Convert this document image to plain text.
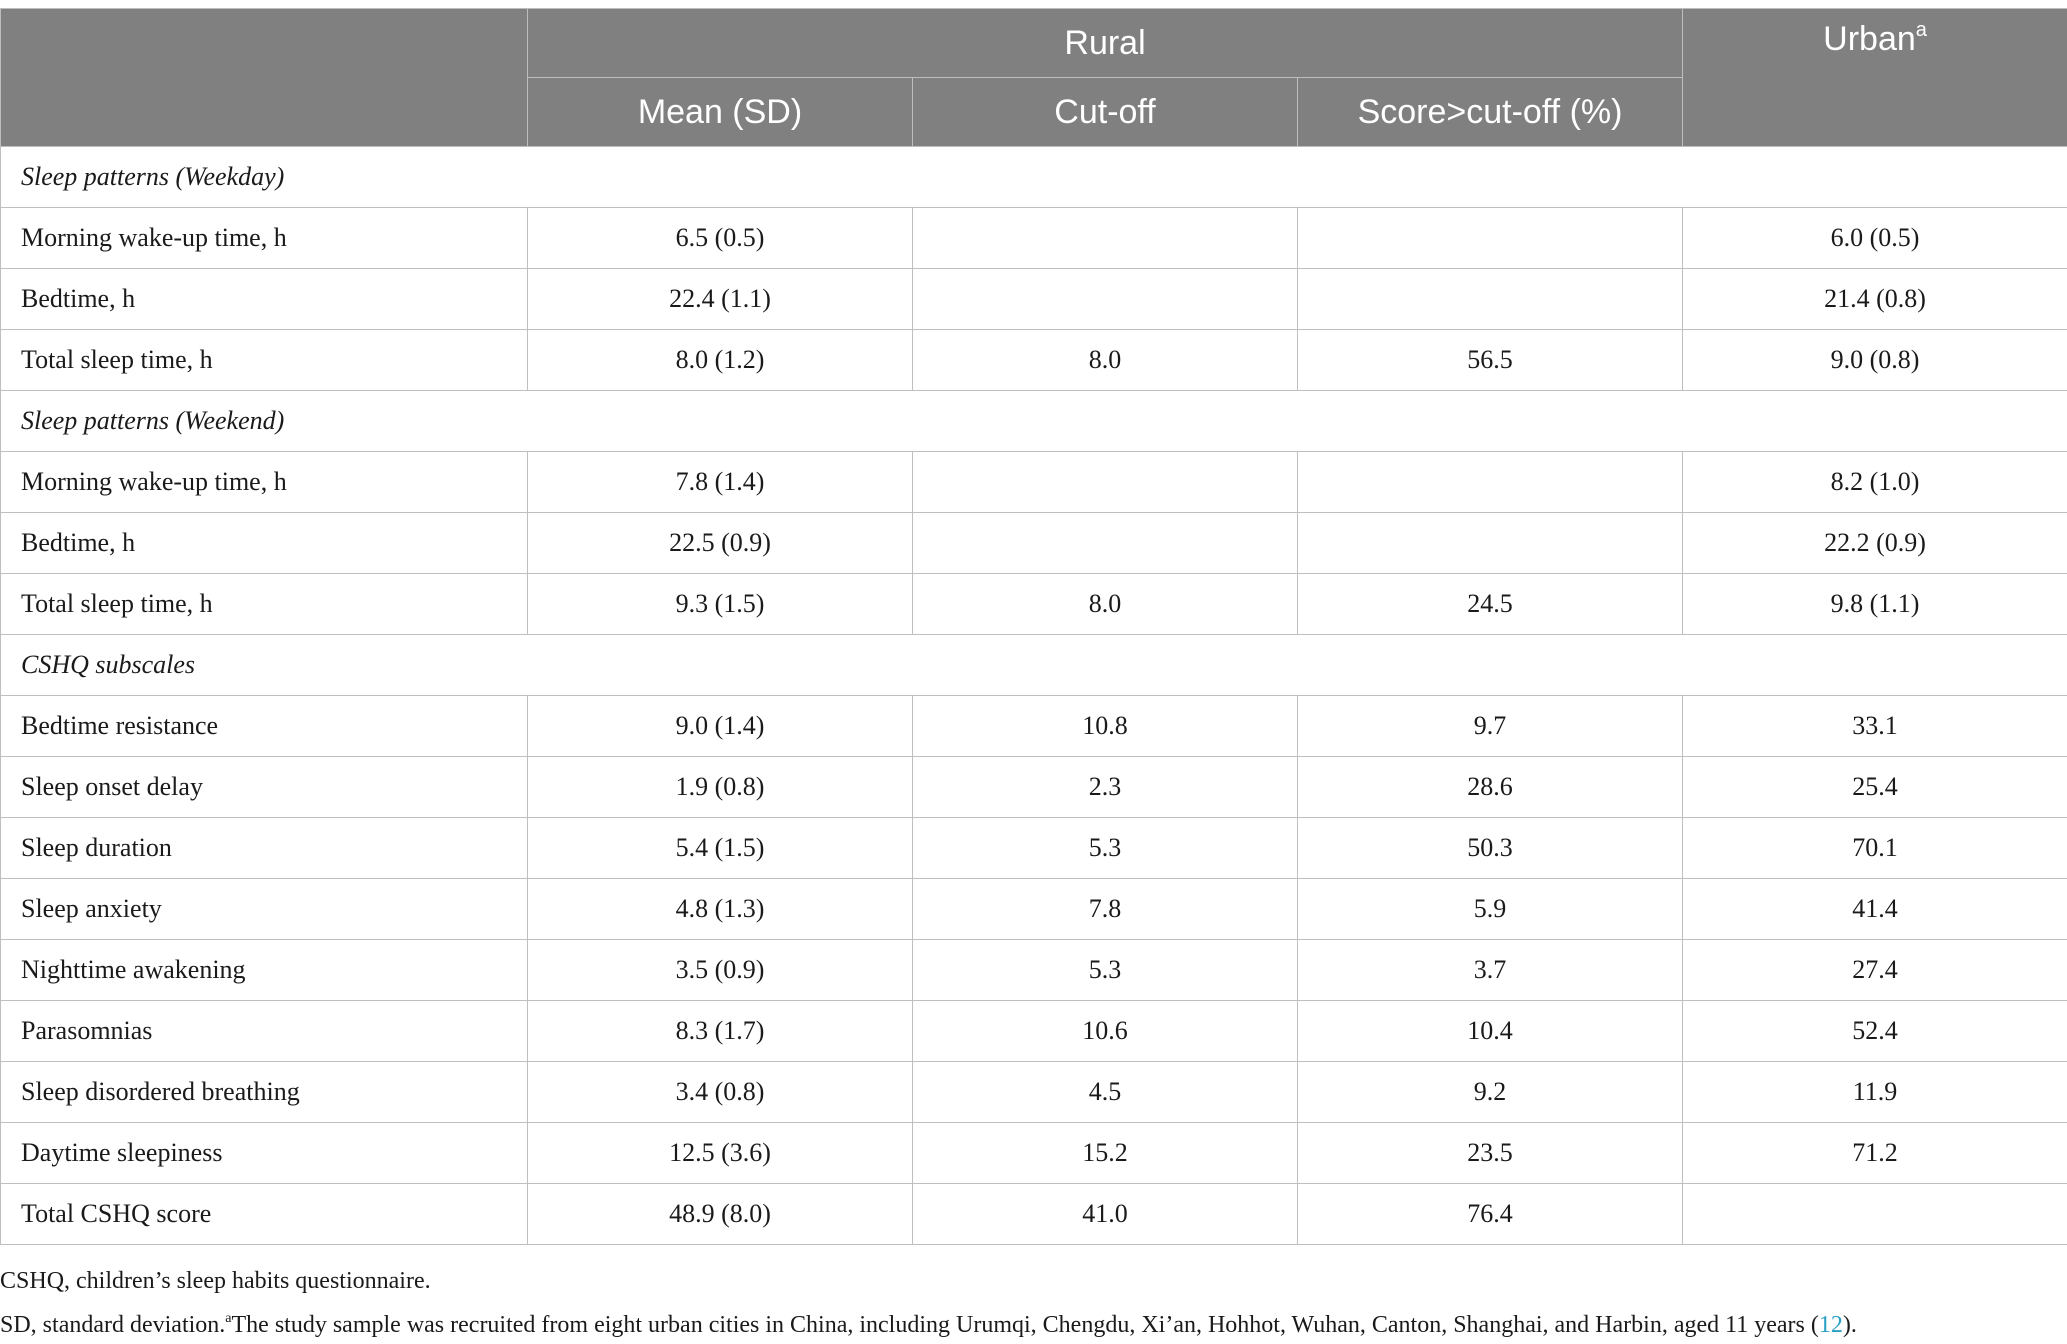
	Rural			Urban$^a$
	Mean (SD)	Cut-off	Score>cut-off (%)	
Sleep patterns (Weekday)				
Morning wake-up time, h	6.5 (0.5)			6.0 (0.5)
Bedtime, h	22.4 (1.1)			21.4 (0.8)
Total sleep time, h	8.0 (1.2)	8.0	56.5	9.0 (0.8)
Sleep patterns (Weekend)				
Morning wake-up time, h	7.8 (1.4)			8.2 (1.0)
Bedtime, h	22.5 (0.9)			22.2 (0.9)
Total sleep time, h	9.3 (1.5)	8.0	24.5	9.8 (1.1)
CSHQ subscales				
Bedtime resistance	9.0 (1.4)	10.8	9.7	33.1
Sleep onset delay	1.9 (0.8)	2.3	28.6	25.4
Sleep duration	5.4 (1.5)	5.3	50.3	70.1
Sleep anxiety	4.8 (1.3)	7.8	5.9	41.4
Nighttime awakening	3.5 (0.9)	5.3	3.7	27.4
Parasomnias	8.3 (1.7)	10.6	10.4	52.4
Sleep disordered breathing	3.4 (0.8)	4.5	9.2	11.9
Daytime sleepiness	12.5 (3.6)	15.2	23.5	71.2
Total CSHQ score	48.9 (8.0)	41.0	76.4	
CSHQ, children’s sleep habits questionnaire.
SD, standard deviation.$^a$The study sample was recruited from eight urban cities in China, including Urumqi, Chengdu, Xi’an, Hohhot, Wuhan, Canton, Shanghai, and Harbin, aged 11 years (12).
